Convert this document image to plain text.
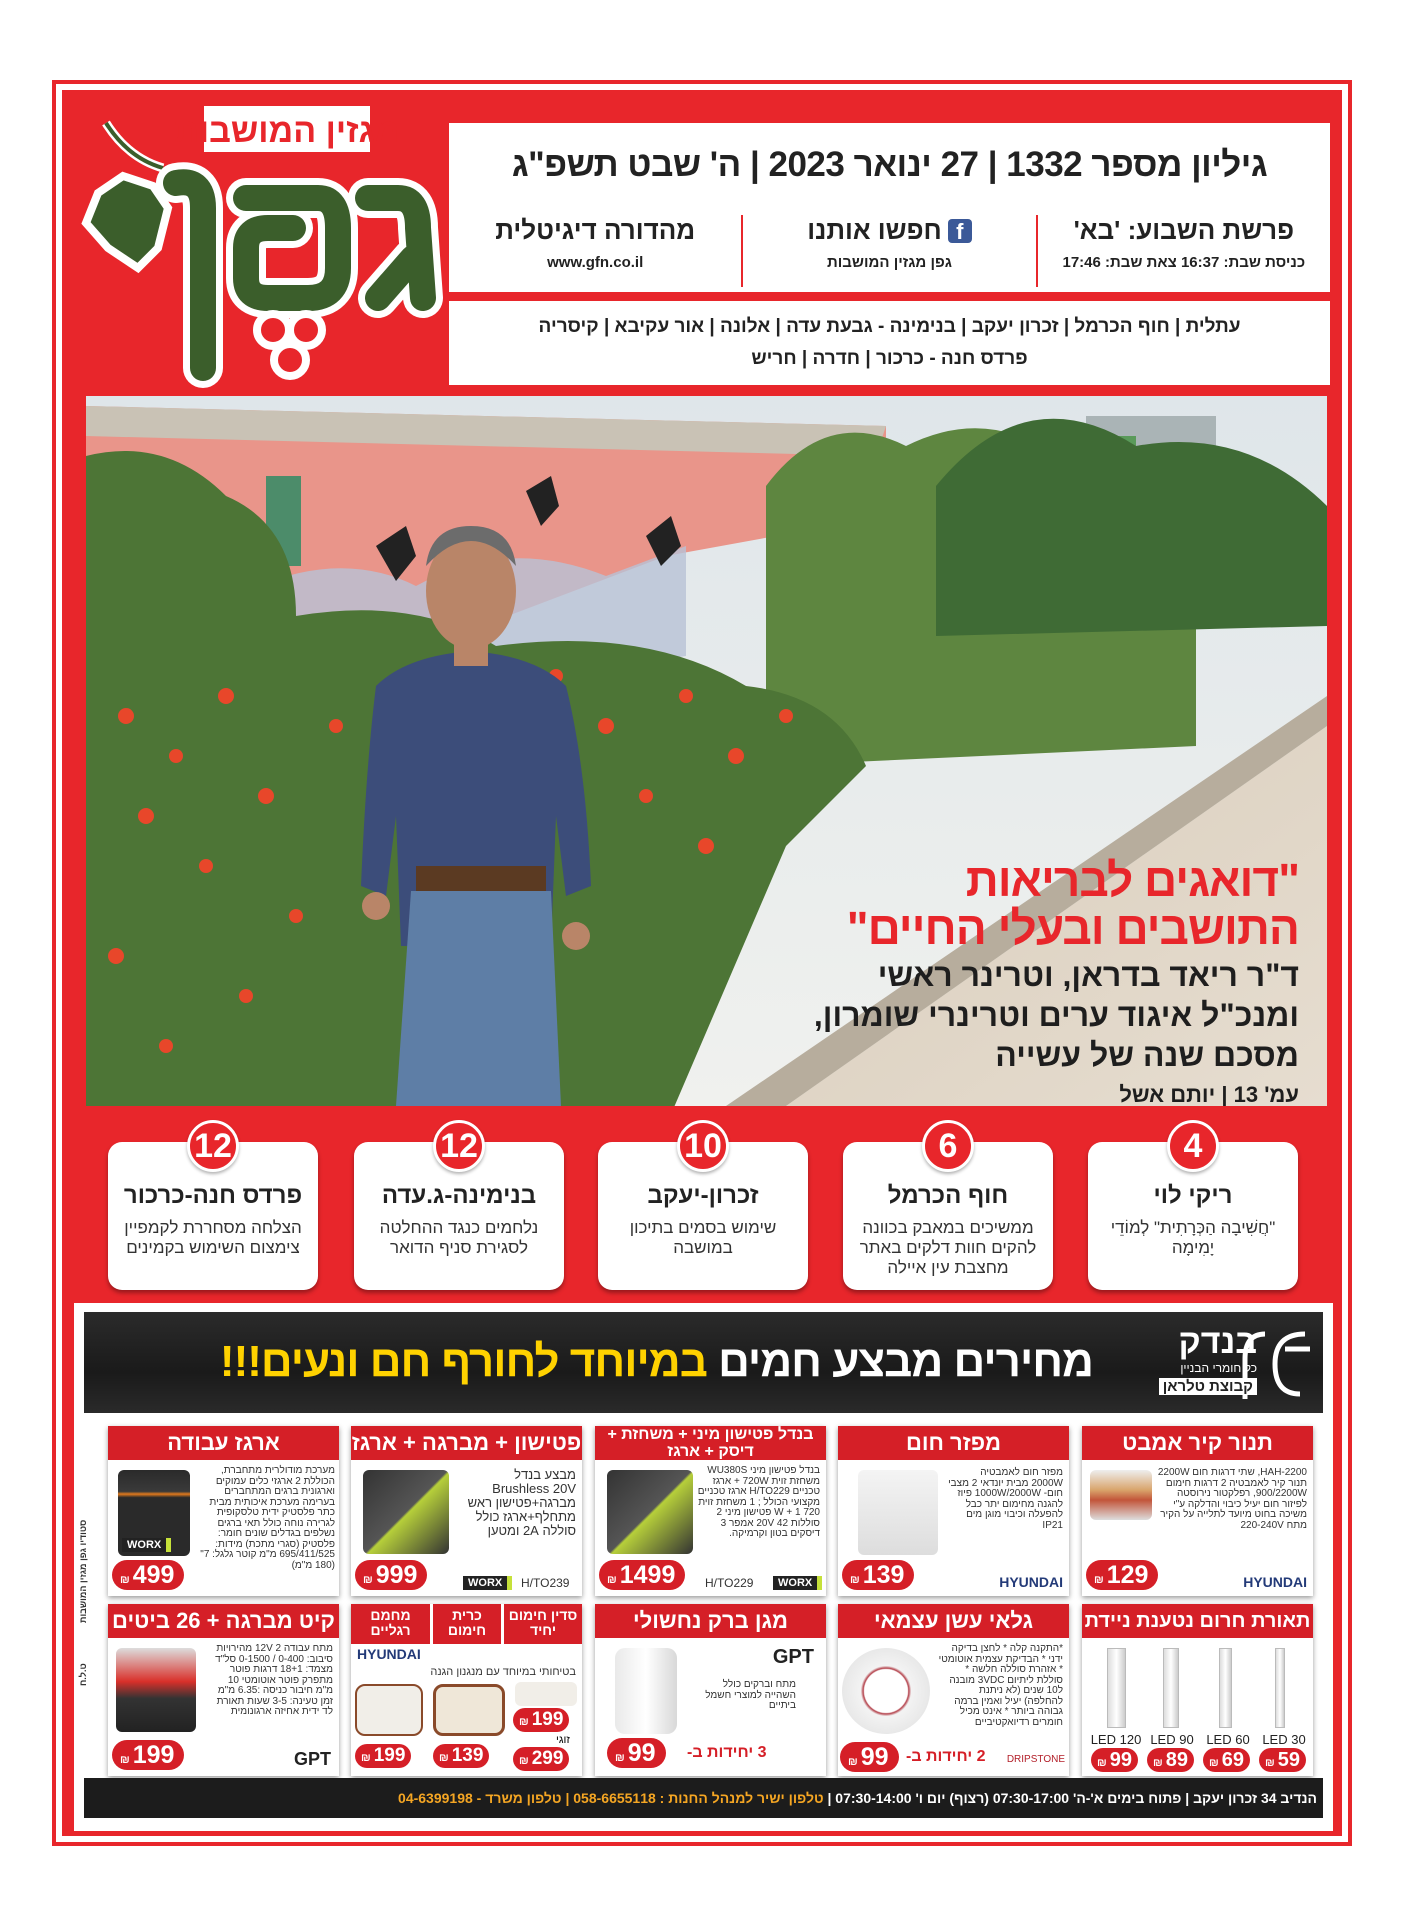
מגזין המושבות
גיליון מספר 1332 | 27 ינואר 2023 | ה' שבט תשפ"ג
פרשת השבוע: 'בא'
כניסת שבת: 16:37 צאת שבת: 17:46
f
חפשו אותנו
גפן מגזין המושבות
מהדורה דיגיטלית
www.gfn.co.il
עתלית | חוף הכרמל | זכרון יעקב | בנימינה - גבעת עדה | אלונה | אור עקיבא | קיסריה
פרדס חנה - כרכור | חדרה | חריש
"דואגים לבריאות
התושבים ובעלי החיים"
ד"ר ריאד בדראן, וטרינר ראשי
ומנכ"ל איגוד ערים וטרינרי שומרון,
מסכם שנה של עשייה
עמ' 13 | יותם אשל
4
ריקי לוי
"חֲשִׁיבָה הַכְּרָתִית" לְמוֹדֵי יָמִימָה
6
חוף הכרמל
ממשיכים במאבק בכוונה להקים חוות דלקים באתר מחצבת עין איילה
10
זכרון-יעקב
שימוש בסמים בתיכון במושבה
12
בנימינה-ג.עדה
נלחמים כנגד ההחלטה לסגירת סניף הדואר
12
פרדס חנה-כרכור
הצלחה מסחררת לקמפיין צימצום השימוש בקמינים
בנדק
כל חומרי הבניין
קבוצת טלראן
מחירים מבצע חמים במיוחד לחורף חם ונעים!!!
תנור קיר אמבט
HAH-2200, שתי דרגות חום 2200W תנור קיר לאמבטיה 2 דרגות חימום 900/2200W, רפלקטור נירוסטה לפיזור חום יעיל כיבוי והדלקה ע"י משיכה בחוט מיועד לתלייה על הקיר מתח 220-240V
₪ 129	HYUNDAI
מפזר חום
מפזר חום לאמבטיה 2000W מבית יונדאי 2 מצבי חום- 1000W/2000W פיוז להגנה מחימום יתר כבל להפעלה וכיבוי מוגן מים IP21
₪ 139	HYUNDAI
בנדל פטישון מיני + משחזת + דיסק + ארגז
בנדל פטישון מיני WU380S משחזת זוית 720W + ארגז טכניים H/TO229 ארגז טכניים מקצועי הכולל ; 1 משחזת זוית 720 W + 1 פטישון מיני 2 סוללות 42 20V אמפר 3 דיסקים בטון וקרמיקה.
₪ 1499	WORX
H/TO229
פטישון + מברגה + ארגז
מבצע בנדל Brushless 20V מברגה+פטישון ראש מתחלף+ארגז כולל סוללה 2A ומטען
₪ 999	WORX	H/TO239
ארגז עבודה
מערכת מודולרית מתחברת, הכוללת 2 ארגזי כלים עמוקים וארגונית ברגים המתחברים בערימה מערכת איכותית מבית כתר פלסטיק ידית טלסקופית לגרירה נוחה כולל תאי ברגים נשלפים בגדלים שונים חומר: פלסטיק (סגרי מתכת) מידות: 695/411/525 מ"מ קוטר גלגל: 7" (180 מ"מ)
₪ 499
WORX
תאורת חרום נטענת ניידת
LED 30
₪ 59
LED 60
₪ 69
LED 90
₪ 89
LED 120
₪ 99
גלאי עשן עצמאי
*התקנה קלה * לחצן בדיקה ידני * הבדיקת עצמית אוטומטי * אזהרת סוללה חלשה * סוללת ליתיום 3VDC מובנה ל10 שנים (לא ניתנת להחלפה) יעיל ואמין ברמה גבוהה ביותר * אינט מכיל חומרים רדיואקטיביים
₪ 99	2 יחידות ב- DRIPSTONE
מגן ברק נחשולי
GPT
מתח וברקים כולל השהייה למוצרי חשמל ביתיים
₪ 99	3 יחידות ב-
סדין חימום יחיד
כרית חימום
מחמם רגליים
HYUNDAI
בטיחותי במיוחד עם מנגנון הגנה
₪ 199
זוגי
₪ 299
₪ 139
₪ 199
קיט מברגה + 26 ביטים
מתח עבודה 12V 2 מהירויות סיבוב: 0-400 / 0-1500 סל"ד מצמד: 18+1 דרגות פוטר מתפרק פוטר אוטומטי 10 מ"מ חיבור כניסה :6.35 מ"מ זמן טעינה: 3-5 שעות תאורת לד ידית אחיזה ארגונומית
₪ 199	GPT
הנדיב 34 זכרון יעקב | פתוח בימים א'-ה' 07:30-17:00 (רצוף) יום ו' 07:30-14:00 | טלפון ישיר למנהל החנות : 058-6655118 | טלפון משרד - 04-6399198
סטודיו גפן מגזין המושבות
ט.ל.ח
